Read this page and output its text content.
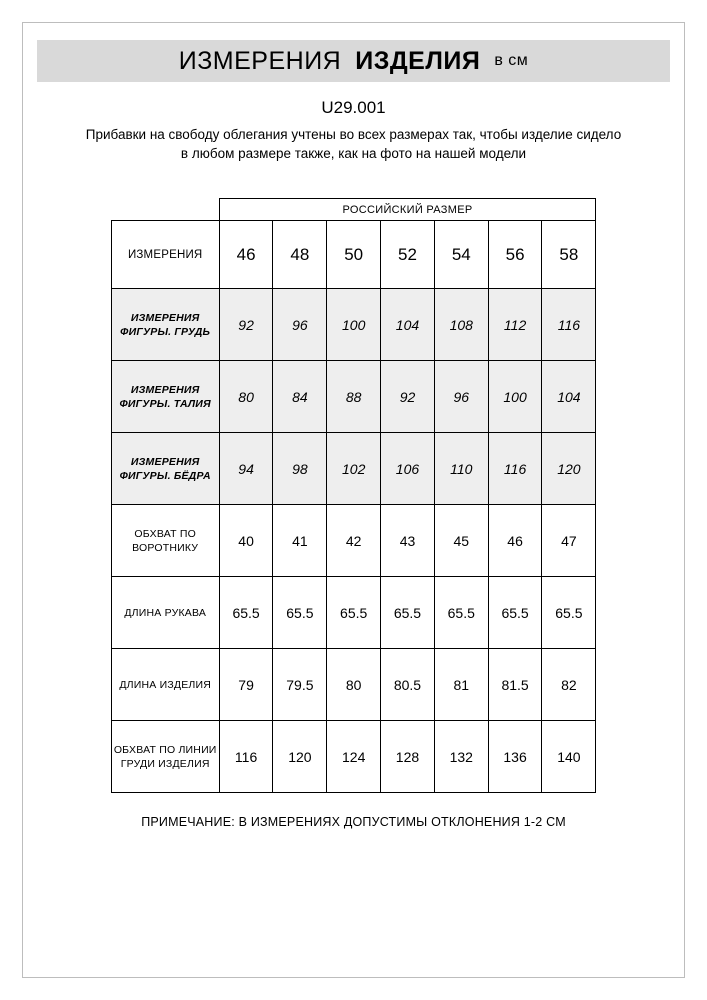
ИЗМЕРЕНИЯ ИЗДЕЛИЯ в см
U29.001
Прибавки на свободу облегания учтены во всех размерах так, чтобы изделие сидело в любом размере также, как на фото на нашей модели
	РОССИЙСКИЙ РАЗМЕР						
ИЗМЕРЕНИЯ	46	48	50	52	54	56	58
ИЗМЕРЕНИЯ ФИГУРЫ. ГРУДЬ	92	96	100	104	108	112	116
ИЗМЕРЕНИЯ ФИГУРЫ. ТАЛИЯ	80	84	88	92	96	100	104
ИЗМЕРЕНИЯ ФИГУРЫ. БЁДРА	94	98	102	106	110	116	120
ОБХВАТ ПО ВОРОТНИКУ	40	41	42	43	45	46	47
ДЛИНА РУКАВА	65.5	65.5	65.5	65.5	65.5	65.5	65.5
ДЛИНА ИЗДЕЛИЯ	79	79.5	80	80.5	81	81.5	82
ОБХВАТ ПО ЛИНИИ ГРУДИ ИЗДЕЛИЯ	116	120	124	128	132	136	140
ПРИМЕЧАНИЕ: В ИЗМЕРЕНИЯХ ДОПУСТИМЫ ОТКЛОНЕНИЯ 1-2 СМ
